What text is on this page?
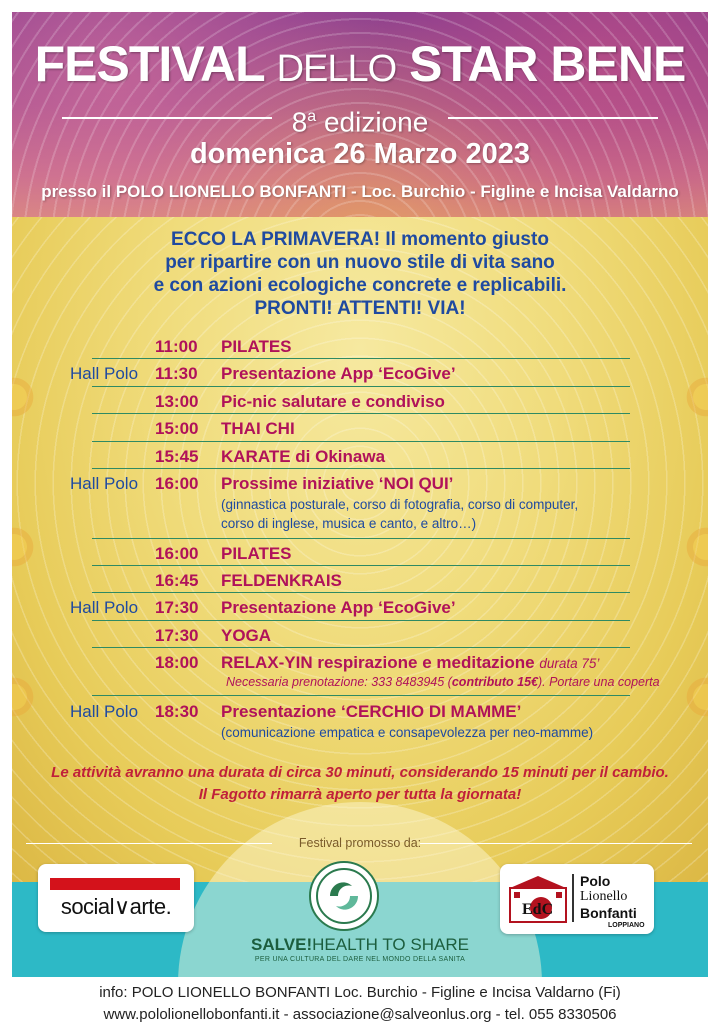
FESTIVAL DELLO STAR BENE
8$^a$ edizione
domenica 26 Marzo 2023
presso il POLO LIONELLO BONFANTI - Loc. Burchio - Figline e Incisa Valdarno
ECCO LA PRIMAVERA! Il momento giusto
per ripartire con un nuovo stile di vita sano
e con azioni ecologiche concrete e replicabili.
PRONTI! ATTENTI! VIA!
11:00	PILATES
Hall Polo 11:30	Presentazione App ‘EcoGive’
13:00	Pic-nic salutare e condiviso
15:00	THAI CHI
15:45	KARATE di Okinawa
Hall Polo 16:00	Prossime iniziative ‘NOI QUI’
(ginnastica posturale, corso di fotografia, corso di computer,
corso di inglese, musica e canto, e altro…)
16:00	PILATES
16:45	FELDENKRAIS
Hall Polo 17:30	Presentazione App ‘EcoGive’
17:30	YOGA
18:00	RELAX-YIN respirazione e meditazione durata 75’
Necessaria prenotazione: 333 8483945 (contributo 15€). Portare una coperta
Hall Polo 18:30	Presentazione ‘CERCHIO DI MAMME’
(comunicazione empatica e consapevolezza per neo-mamme)
Le attività avranno una durata di circa 30 minuti, considerando 15 minuti per il cambio.
Il Fagotto rimarrà aperto per tutta la giornata!
Festival promosso da:
social∨arte.
SALVE!HEALTH TO SHARE
PER UNA CULTURA DEL DARE NEL MONDO DELLA SANITA
EdC
Polo
Lionello
Bonfanti
LOPPIANO
info: POLO LIONELLO BONFANTI Loc. Burchio - Figline e Incisa Valdarno (Fi)
www.pololionellobonfanti.it - associazione@salveonlus.org - tel. 055 8330506
